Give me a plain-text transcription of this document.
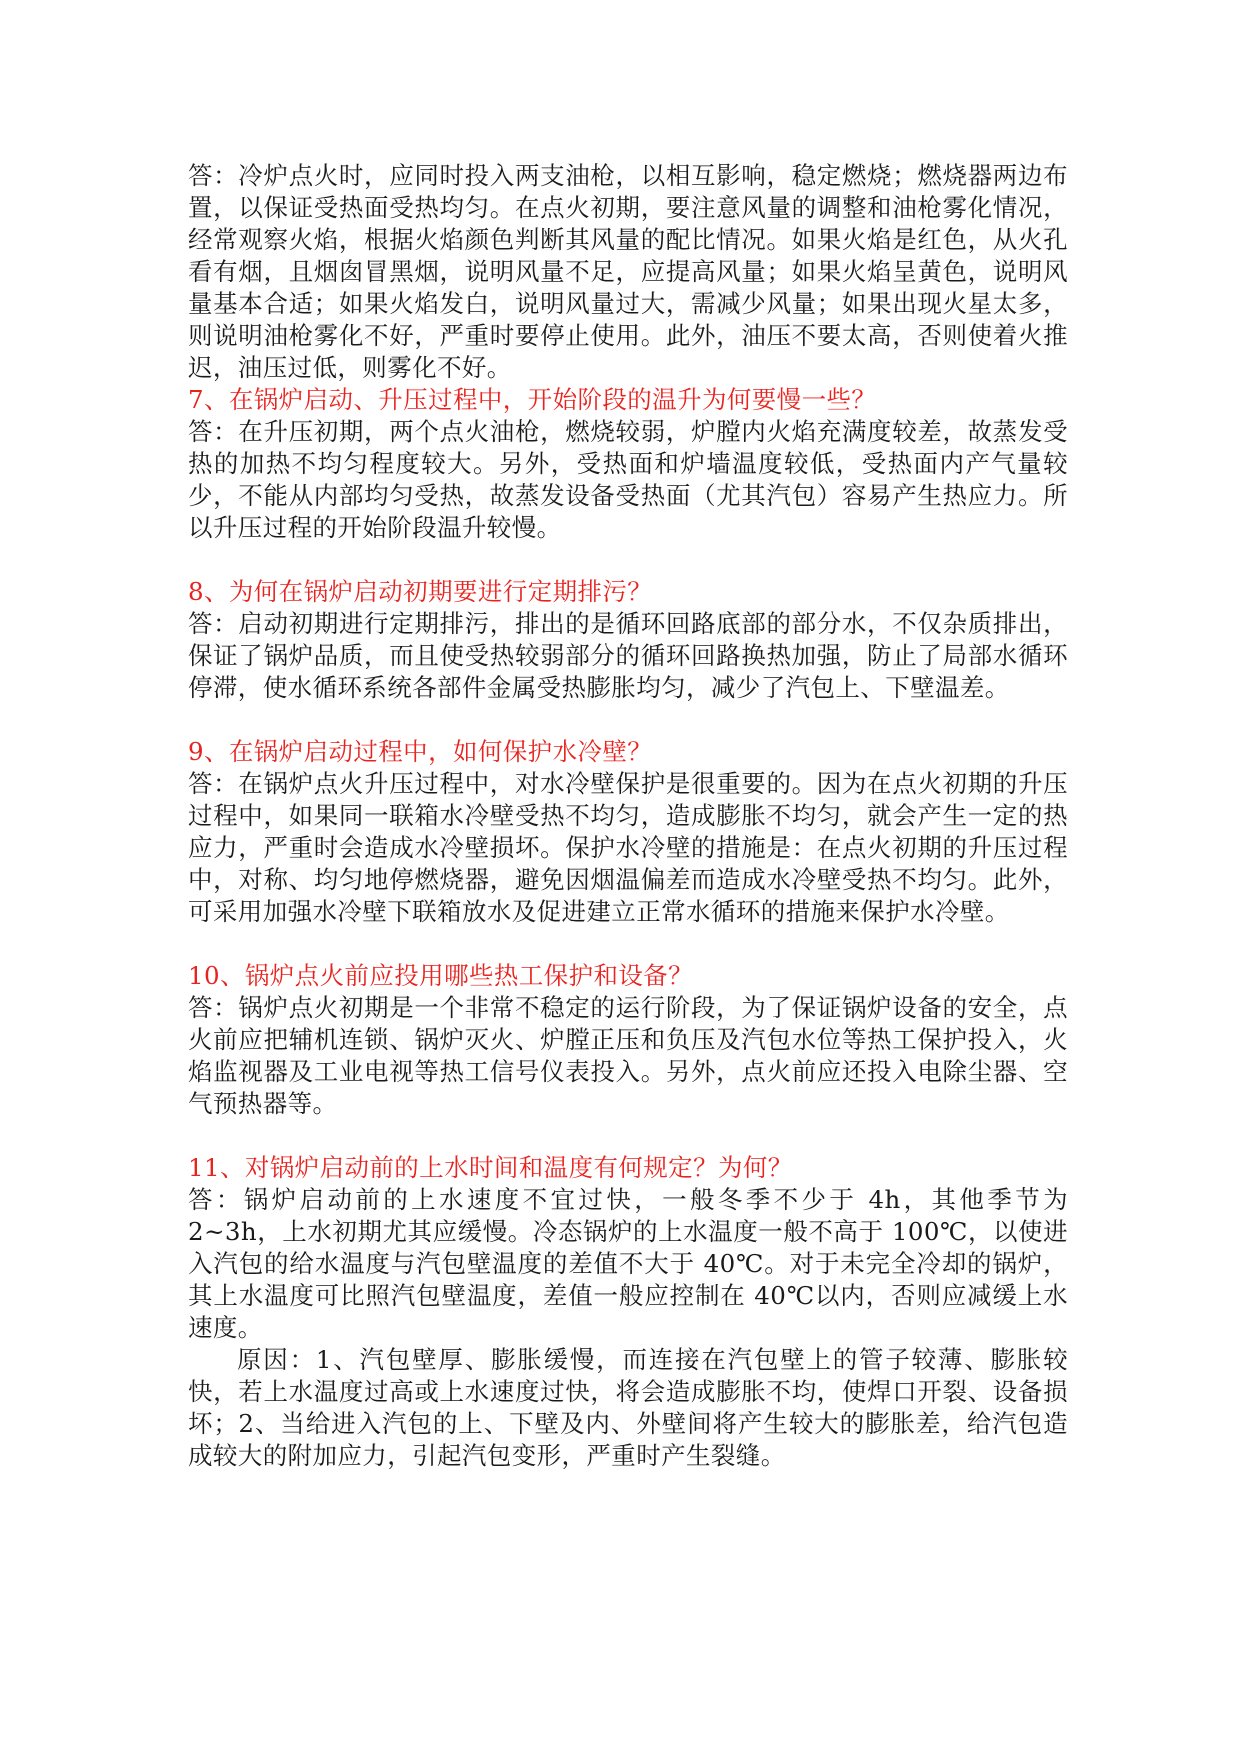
答：冷炉点火时，应同时投入两支油枪，以相互影响，稳定燃烧；燃烧器两边布置，以保证受热面受热均匀。在点火初期，要注意风量的调整和油枪雾化情况，经常观察火焰，根据火焰颜色判断其风量的配比情况。如果火焰是红色，从火孔看有烟，且烟囱冒黑烟，说明风量不足，应提高风量；如果火焰呈黄色，说明风量基本合适；如果火焰发白，说明风量过大，需减少风量；如果出现火星太多，则说明油枪雾化不好，严重时要停止使用。此外，油压不要太高，否则使着火推迟，油压过低，则雾化不好。

7、在锅炉启动、升压过程中，开始阶段的温升为何要慢一些？

答：在升压初期，两个点火油枪，燃烧较弱，炉膛内火焰充满度较差，故蒸发受热的加热不均匀程度较大。另外，受热面和炉墙温度较低，受热面内产气量较少，不能从内部均匀受热，故蒸发设备受热面（尤其汽包）容易产生热应力。所以升压过程的开始阶段温升较慢。

8、为何在锅炉启动初期要进行定期排污？

答：启动初期进行定期排污，排出的是循环回路底部的部分水，不仅杂质排出，保证了锅炉品质，而且使受热较弱部分的循环回路换热加强，防止了局部水循环停滞，使水循环系统各部件金属受热膨胀均匀，减少了汽包上、下壁温差。

9、在锅炉启动过程中，如何保护水冷壁？

答：在锅炉点火升压过程中，对水冷壁保护是很重要的。因为在点火初期的升压过程中，如果同一联箱水冷壁受热不均匀，造成膨胀不均匀，就会产生一定的热应力，严重时会造成水冷壁损坏。保护水冷壁的措施是：在点火初期的升压过程中，对称、均匀地停燃烧器，避免因烟温偏差而造成水冷壁受热不均匀。此外，可采用加强水冷壁下联箱放水及促进建立正常水循环的措施来保护水冷壁。

10、锅炉点火前应投用哪些热工保护和设备？

答：锅炉点火初期是一个非常不稳定的运行阶段，为了保证锅炉设备的安全，点火前应把辅机连锁、锅炉灭火、炉膛正压和负压及汽包水位等热工保护投入，火焰监视器及工业电视等热工信号仪表投入。另外，点火前应还投入电除尘器、空气预热器等。

11、对锅炉启动前的上水时间和温度有何规定？为何？

答：锅炉启动前的上水速度不宜过快，一般冬季不少于 4h，其他季节为 2~3h，上水初期尤其应缓慢。冷态锅炉的上水温度一般不高于 100℃，以使进入汽包的给水温度与汽包壁温度的差值不大于 40℃。对于未完全冷却的锅炉，其上水温度可比照汽包壁温度，差值一般应控制在 40℃以内，否则应减缓上水速度。

原因：1、汽包壁厚、膨胀缓慢，而连接在汽包壁上的管子较薄、膨胀较快，若上水温度过高或上水速度过快，将会造成膨胀不均，使焊口开裂、设备损坏；2、当给进入汽包的上、下壁及内、外壁间将产生较大的膨胀差，给汽包造成较大的附加应力，引起汽包变形，严重时产生裂缝。
